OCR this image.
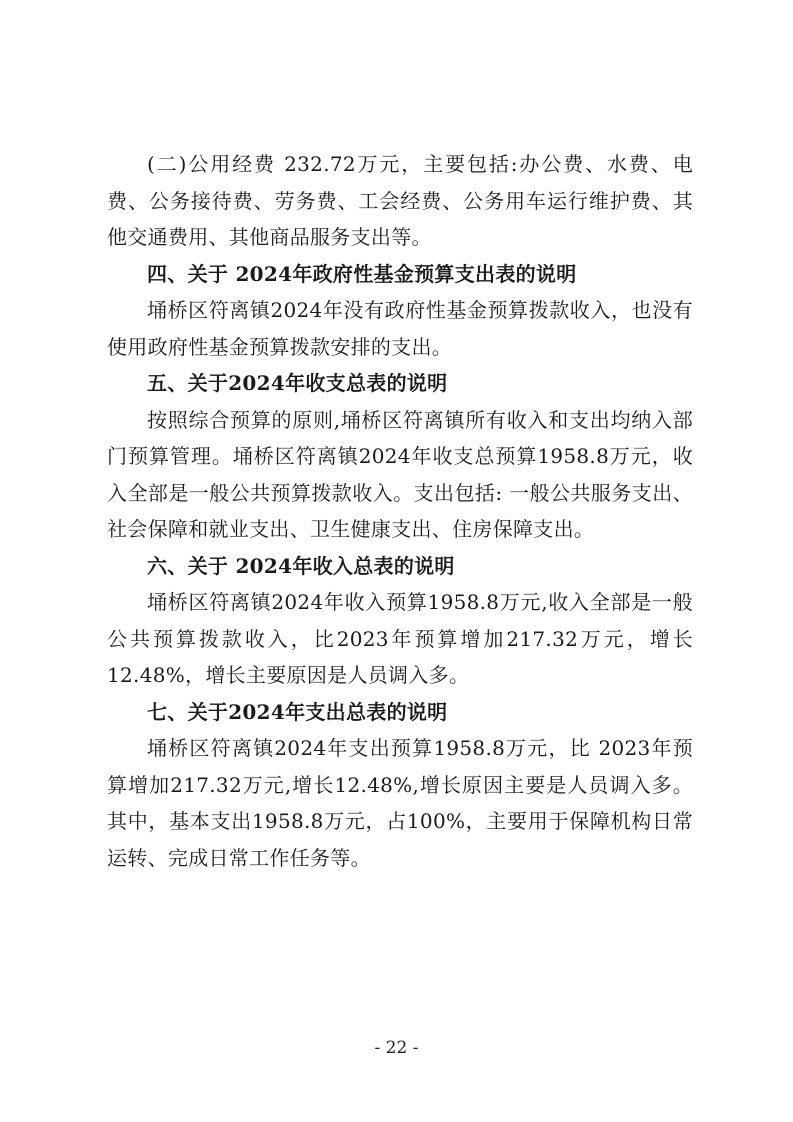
(二)公用经费 232.72万元，主要包括:办公费、水费、电费、公务接待费、劳务费、工会经费、公务用车运行维护费、其他交通费用、其他商品服务支出等。

四、关于 2024年政府性基金预算支出表的说明

埇桥区符离镇2024年没有政府性基金预算拨款收入，也没有使用政府性基金预算拨款安排的支出。

五、关于2024年收支总表的说明

按照综合预算的原则,埇桥区符离镇所有收入和支出均纳入部门预算管理。埇桥区符离镇2024年收支总预算1958.8万元，收入全部是一般公共预算拨款收入。支出包括: 一般公共服务支出、社会保障和就业支出、卫生健康支出、住房保障支出。

六、关于 2024年收入总表的说明

埇桥区符离镇2024年收入预算1958.8万元,收入全部是一般公共预算拨款收入，比2023年预算增加217.32万元，增长12.48%，增长主要原因是人员调入多。

七、关于2024年支出总表的说明

埇桥区符离镇2024年支出预算1958.8万元，比 2023年预算增加217.32万元,增长12.48%,增长原因主要是人员调入多。其中，基本支出1958.8万元，占100%，主要用于保障机构日常运转、完成日常工作任务等。

- 22 -
